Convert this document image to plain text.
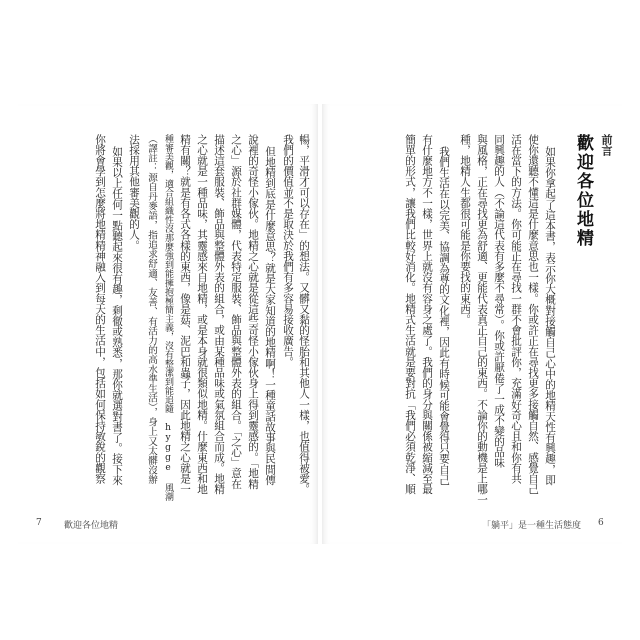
暢，平滑才可以存在」的想法。又髒又黏的怪胎和其他人一樣，也值得被愛。
我們的價值並不是取決於我們有多容易接收廣告。
但地精到底是什麼意思？就是大家知道的地精啊！一種童話故事與民間傳
說裡的奇怪小傢伙。地精之心就是從這些奇怪小傢伙身上得到靈感的。「地精
之心」源於社群媒體，代表特定服裝、飾品與整體外表的組合。「之心」意在
描述這套服裝、飾品與整體外表的組合，或由某種品味或氣氛組合而成。地精
之心就是一種品味，其靈感來自地精，或是本身就很類似地精。什麼東西和地
精有關？就是有各式各樣的東西，像是菇、泥巴和蟲子，因此地精之心就是一
種審美觀，適合組織性沒那麼強到能擁抱極簡主義，沒有整潔到能追隨 hygge 風潮
（譯註：源自丹麥語，指追求舒適、友善、有活力的高水準生活），身上又太髒沒辦
法採用其他審美觀的人。
如果以上任何一點聽起來很有趣，剩徹或熟悉，那你就選對書了。接下來
你將會學到怎麼將地精精神融入到每天的生活中，包括如何保持敏銳的觀察
7 歡迎各位地精
前言
歡迎各位地精
如果你拿起了這本書，表示你大概對接觸自己心中的地精天性有興趣，即
使你還聽不懂這是什麼意思也一樣。你或許正在尋找更多接觸自然、感覺自己
活在當下的方法。你可能正在尋找一群不會批評你，充滿好奇心且和你有共
同興趣的人（不論這代表有多麼不尋常）。你或許厭倦了一成不變的品味
與風格，正在尋找更為舒適、更能代表真正自己的東西。不論你的動機是上哪一
種，地精人生都很可能是你要找的東西。
我們生活在以完美、協調為尊的文化裡，因此有時候可能會覺得只要自己
有什麼地方不一樣，世界上就沒有容身之處了。我們的身分與關係被縮減至最
簡單的形式，讓我們比較好消化。地精式生活就是要對抗「我們必須乾淨、順
「躺平」是一種生活態度 6
